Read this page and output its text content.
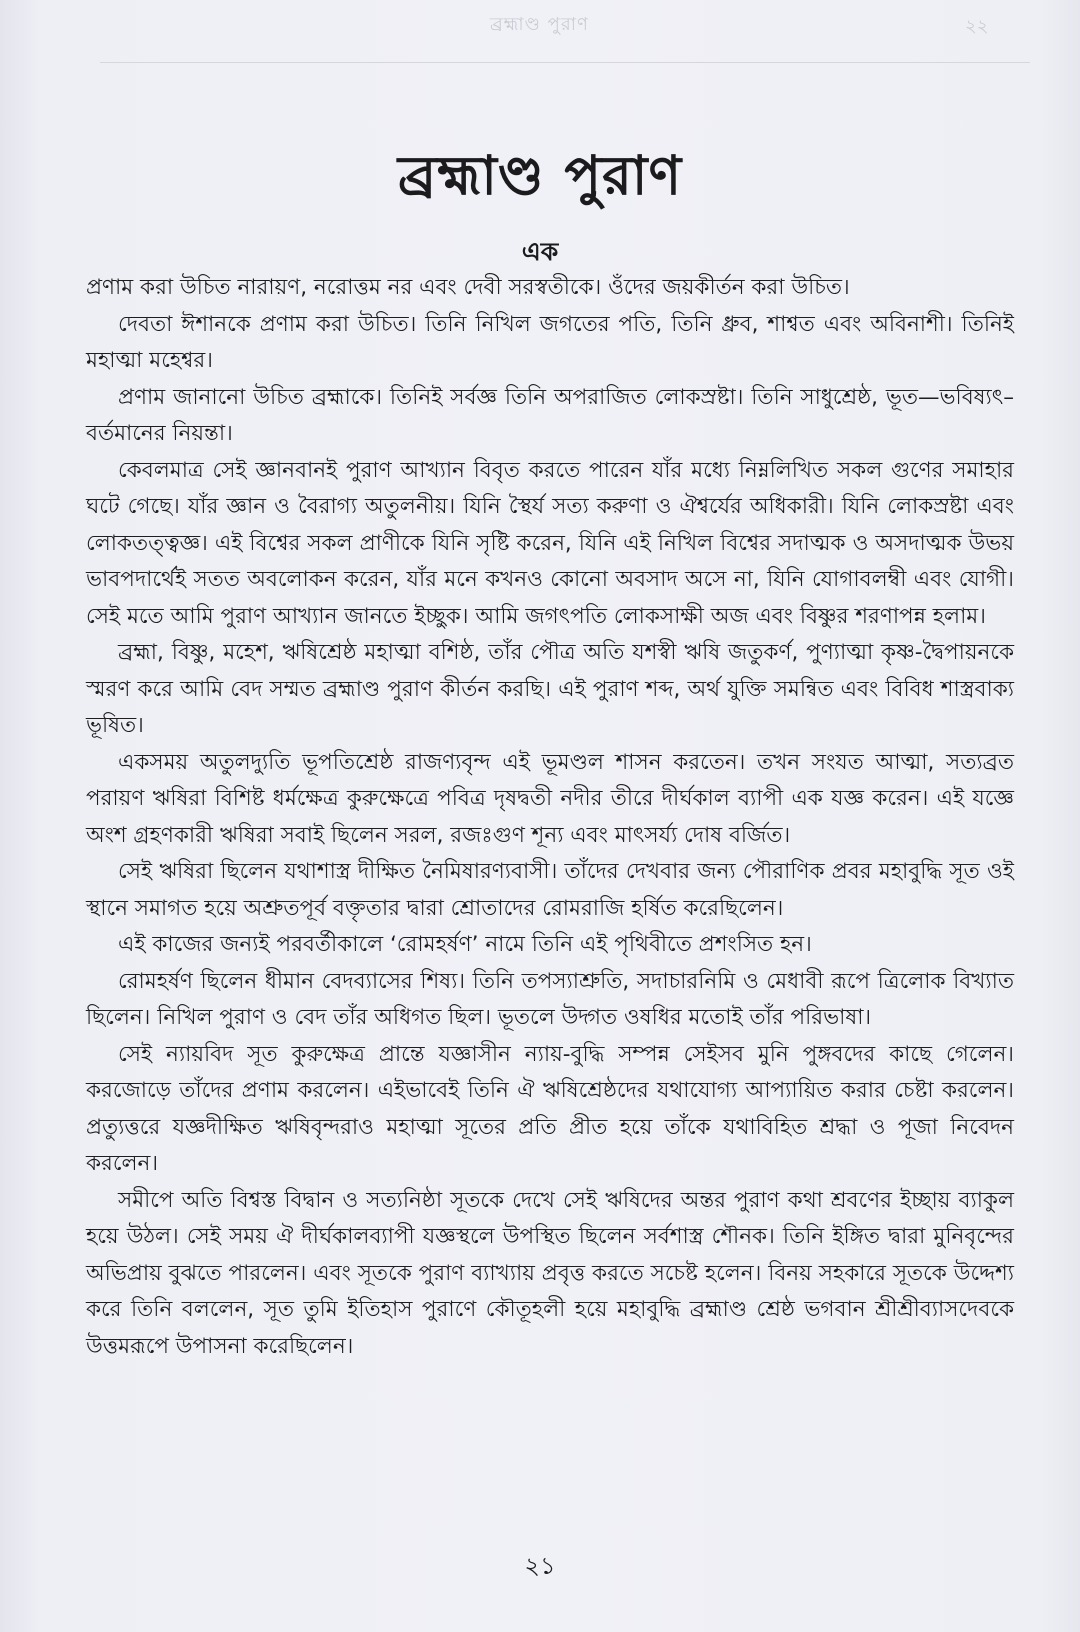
ব্রহ্মাণ্ড পুরাণ	২২
ব্রহ্মাণ্ড পুরাণ
এক

প্রণাম করা উচিত নারায়ণ, নরোত্তম নর এবং দেবী সরস্বতীকে। ওঁদের জয়কীর্তন করা উচিত।

দেবতা ঈশানকে প্রণাম করা উচিত। তিনি নিখিল জগতের পতি, তিনি ধ্রুব, শাশ্বত এবং অবিনাশী। তিনিই মহাত্মা মহেশ্বর।

প্রণাম জানানো উচিত ব্রহ্মাকে। তিনিই সর্বজ্ঞ তিনি অপরাজিত লোকস্রষ্টা। তিনি সাধুশ্রেষ্ঠ, ভূত—ভবিষ্যৎ– বর্তমানের নিয়ন্তা।

কেবলমাত্র সেই জ্ঞানবানই পুরাণ আখ্যান বিবৃত করতে পারেন যাঁর মধ্যে নিম্নলিখিত সকল গুণের সমাহার ঘটে গেছে। যাঁর জ্ঞান ও বৈরাগ্য অতুলনীয়। যিনি স্থৈর্য সত্য করুণা ও ঐশ্বর্যের অধিকারী। যিনি লোকস্রষ্টা এবং লোকতত্ত্বজ্ঞ। এই বিশ্বের সকল প্রাণীকে যিনি সৃষ্টি করেন, যিনি এই নিখিল বিশ্বের সদাত্মক ও অসদাত্মক উভয় ভাবপদার্থেই সতত অবলোকন করেন, যাঁর মনে কখনও কোনো অবসাদ অসে না, যিনি যোগাবলম্বী এবং যোগী। সেই মতে আমি পুরাণ আখ্যান জানতে ইচ্ছুক। আমি জগৎপতি লোকসাক্ষী অজ এবং বিষ্ণুর শরণাপন্ন হলাম।

ব্রহ্মা, বিষ্ণু, মহেশ, ঋষিশ্রেষ্ঠ মহাত্মা বশিষ্ঠ, তাঁর পৌত্র অতি যশস্বী ঋষি জতুকর্ণ, পুণ্যাত্মা কৃষ্ণ-দ্বৈপায়নকে স্মরণ করে আমি বেদ সম্মত ব্রহ্মাণ্ড পুরাণ কীর্তন করছি। এই পুরাণ শব্দ, অর্থ যুক্তি সমন্বিত এবং বিবিধ শাস্ত্রবাক্য ভূষিত।

একসময় অতুলদ্যুতি ভূপতিশ্রেষ্ঠ রাজণ্যবৃন্দ এই ভূমণ্ডল শাসন করতেন। তখন সংযত আত্মা, সত্যব্রত পরায়ণ ঋষিরা বিশিষ্ট ধর্মক্ষেত্র কুরুক্ষেত্রে পবিত্র দৃষদ্বতী নদীর তীরে দীর্ঘকাল ব্যাপী এক যজ্ঞ করেন। এই যজ্ঞে অংশ গ্রহণকারী ঋষিরা সবাই ছিলেন সরল, রজঃগুণ শূন্য এবং মাৎসর্য্য দোষ বর্জিত।

সেই ঋষিরা ছিলেন যথাশাস্ত্র দীক্ষিত নৈমিষারণ্যবাসী। তাঁদের দেখবার জন্য পৌরাণিক প্রবর মহাবুদ্ধি সূত ওই স্থানে সমাগত হয়ে অশ্রুতপূর্ব বক্তৃতার দ্বারা শ্রোতাদের রোমরাজি হর্ষিত করেছিলেন।

এই কাজের জন্যই পরবর্তীকালে ‘রোমহর্ষণ’ নামে তিনি এই পৃথিবীতে প্রশংসিত হন।

রোমহর্ষণ ছিলেন ধীমান বেদব্যাসের শিষ্য। তিনি তপস্যাশ্রুতি, সদাচারনিমি ও মেধাবী রূপে ত্রিলোক বিখ্যাত ছিলেন। নিখিল পুরাণ ও বেদ তাঁর অধিগত ছিল। ভূতলে উদ্গত ওষধির মতোই তাঁর পরিভাষা।

সেই ন্যায়বিদ সূত কুরুক্ষেত্র প্রান্তে যজ্ঞাসীন ন্যায়-বুদ্ধি সম্পন্ন সেইসব মুনি পুঙ্গবদের কাছে গেলেন। করজোড়ে তাঁদের প্রণাম করলেন। এইভাবেই তিনি ঐ ঋষিশ্রেষ্ঠদের যথাযোগ্য আপ্যায়িত করার চেষ্টা করলেন। প্রত্যুত্তরে যজ্ঞদীক্ষিত ঋষিবৃন্দরাও মহাত্মা সূতের প্রতি প্রীত হয়ে তাঁকে যথাবিহিত শ্রদ্ধা ও পূজা নিবেদন করলেন।

সমীপে অতি বিশ্বস্ত বিদ্বান ও সত্যনিষ্ঠা সূতকে দেখে সেই ঋষিদের অন্তর পুরাণ কথা শ্রবণের ইচ্ছায় ব্যাকুল হয়ে উঠল। সেই সময় ঐ দীর্ঘকালব্যাপী যজ্ঞস্থলে উপস্থিত ছিলেন সর্বশাস্ত্র শৌনক। তিনি ইঙ্গিত দ্বারা মুনিবৃন্দের অভিপ্রায় বুঝতে পারলেন। এবং সূতকে পুরাণ ব্যাখ্যায় প্রবৃত্ত করতে সচেষ্ট হলেন। বিনয় সহকারে সূতকে উদ্দেশ্য করে তিনি বললেন, সূত তুমি ইতিহাস পুরাণে কৌতূহলী হয়ে মহাবুদ্ধি ব্রহ্মাণ্ড শ্রেষ্ঠ ভগবান শ্রীশ্রীব্যাসদেবকে উত্তমরূপে উপাসনা করেছিলেন।

২১
